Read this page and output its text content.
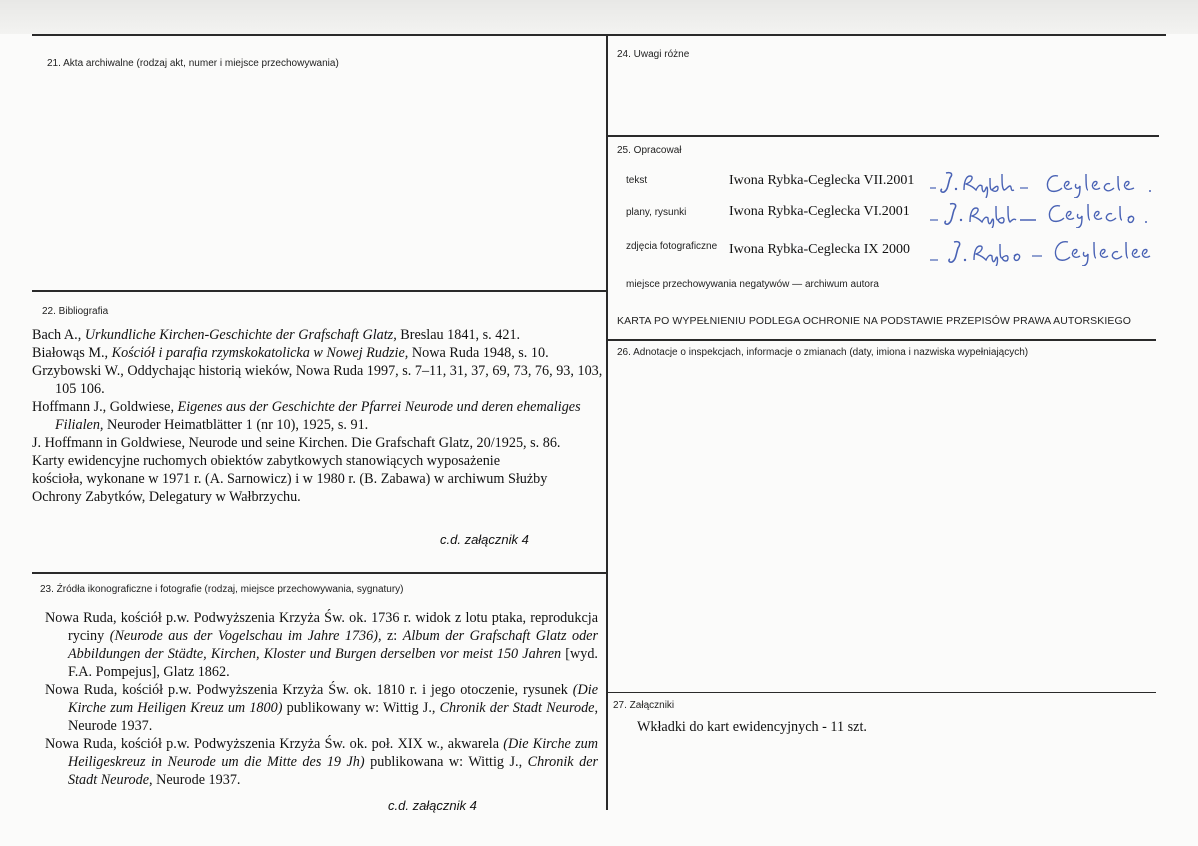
21. Akta archiwalne (rodzaj akt, numer i miejsce przechowywania)
22. Bibliografia

Bach A., Urkundliche Kirchen-Geschichte der Grafschaft Glatz, Breslau 1841, s. 421.

Białowąs M., Kościół i parafia rzymskokatolicka w Nowej Rudzie, Nowa Ruda 1948, s. 10.

Grzybowski W., Oddychając historią wieków, Nowa Ruda 1997, s. 7–11, 31, 37, 69, 73, 76, 93, 103, 105 106.

Hoffmann J., Goldwiese, Eigenes aus der Geschichte der Pfarrei Neurode und deren ehemaliges Filialen, Neuroder Heimatblätter 1 (nr 10), 1925, s. 91.

J. Hoffmann in Goldwiese, Neurode und seine Kirchen. Die Grafschaft Glatz, 20/1925, s. 86.

Karty ewidencyjne ruchomych obiektów zabytkowych stanowiących wyposażenie kościoła, wykonane w 1971 r. (A. Sarnowicz) i w 1980 r. (B. Zabawa) w archiwum Służby Ochrony Zabytków, Delegatury w Wałbrzychu.

c.d. załącznik 4
23. Źródła ikonograficzne i fotografie (rodzaj, miejsce przechowywania, sygnatury)

Nowa Ruda, kościół p.w. Podwyższenia Krzyża Św. ok. 1736 r. widok z lotu ptaka, reprodukcja ryciny (Neurode aus der Vogelschau im Jahre 1736), z: Album der Grafschaft Glatz oder Abbildungen der Städte, Kirchen, Kloster und Burgen derselben vor meist 150 Jahren [wyd. F.A. Pompejus], Glatz 1862.

Nowa Ruda, kościół p.w. Podwyższenia Krzyża Św. ok. 1810 r. i jego otoczenie, rysunek (Die Kirche zum Heiligen Kreuz um 1800) publikowany w: Wittig J., Chronik der Stadt Neurode, Neurode 1937.

Nowa Ruda, kościół p.w. Podwyższenia Krzyża Św. ok. poł. XIX w., akwarela (Die Kirche zum Heiligeskreuz in Neurode um die Mitte des 19 Jh) publikowana w: Wittig J., Chronik der Stadt Neurode, Neurode 1937.

c.d. załącznik 4
24. Uwagi różne
25. Opracował
tekst	Iwona Rybka-Ceglecka VII.2001
plany, rysunki	Iwona Rybka-Ceglecka VI.2001
zdjęcia fotograficzne Iwona Rybka-Ceglecka IX 2000
miejsce przechowywania negatywów — archiwum autora
KARTA PO WYPEŁNIENIU PODLEGA OCHRONIE NA PODSTAWIE PRZEPISÓW PRAWA AUTORSKIEGO
26. Adnotacje o inspekcjach, informacje o zmianach (daty, imiona i nazwiska wypełniających)
27. Załączniki
Wkładki do kart ewidencyjnych - 11 szt.
